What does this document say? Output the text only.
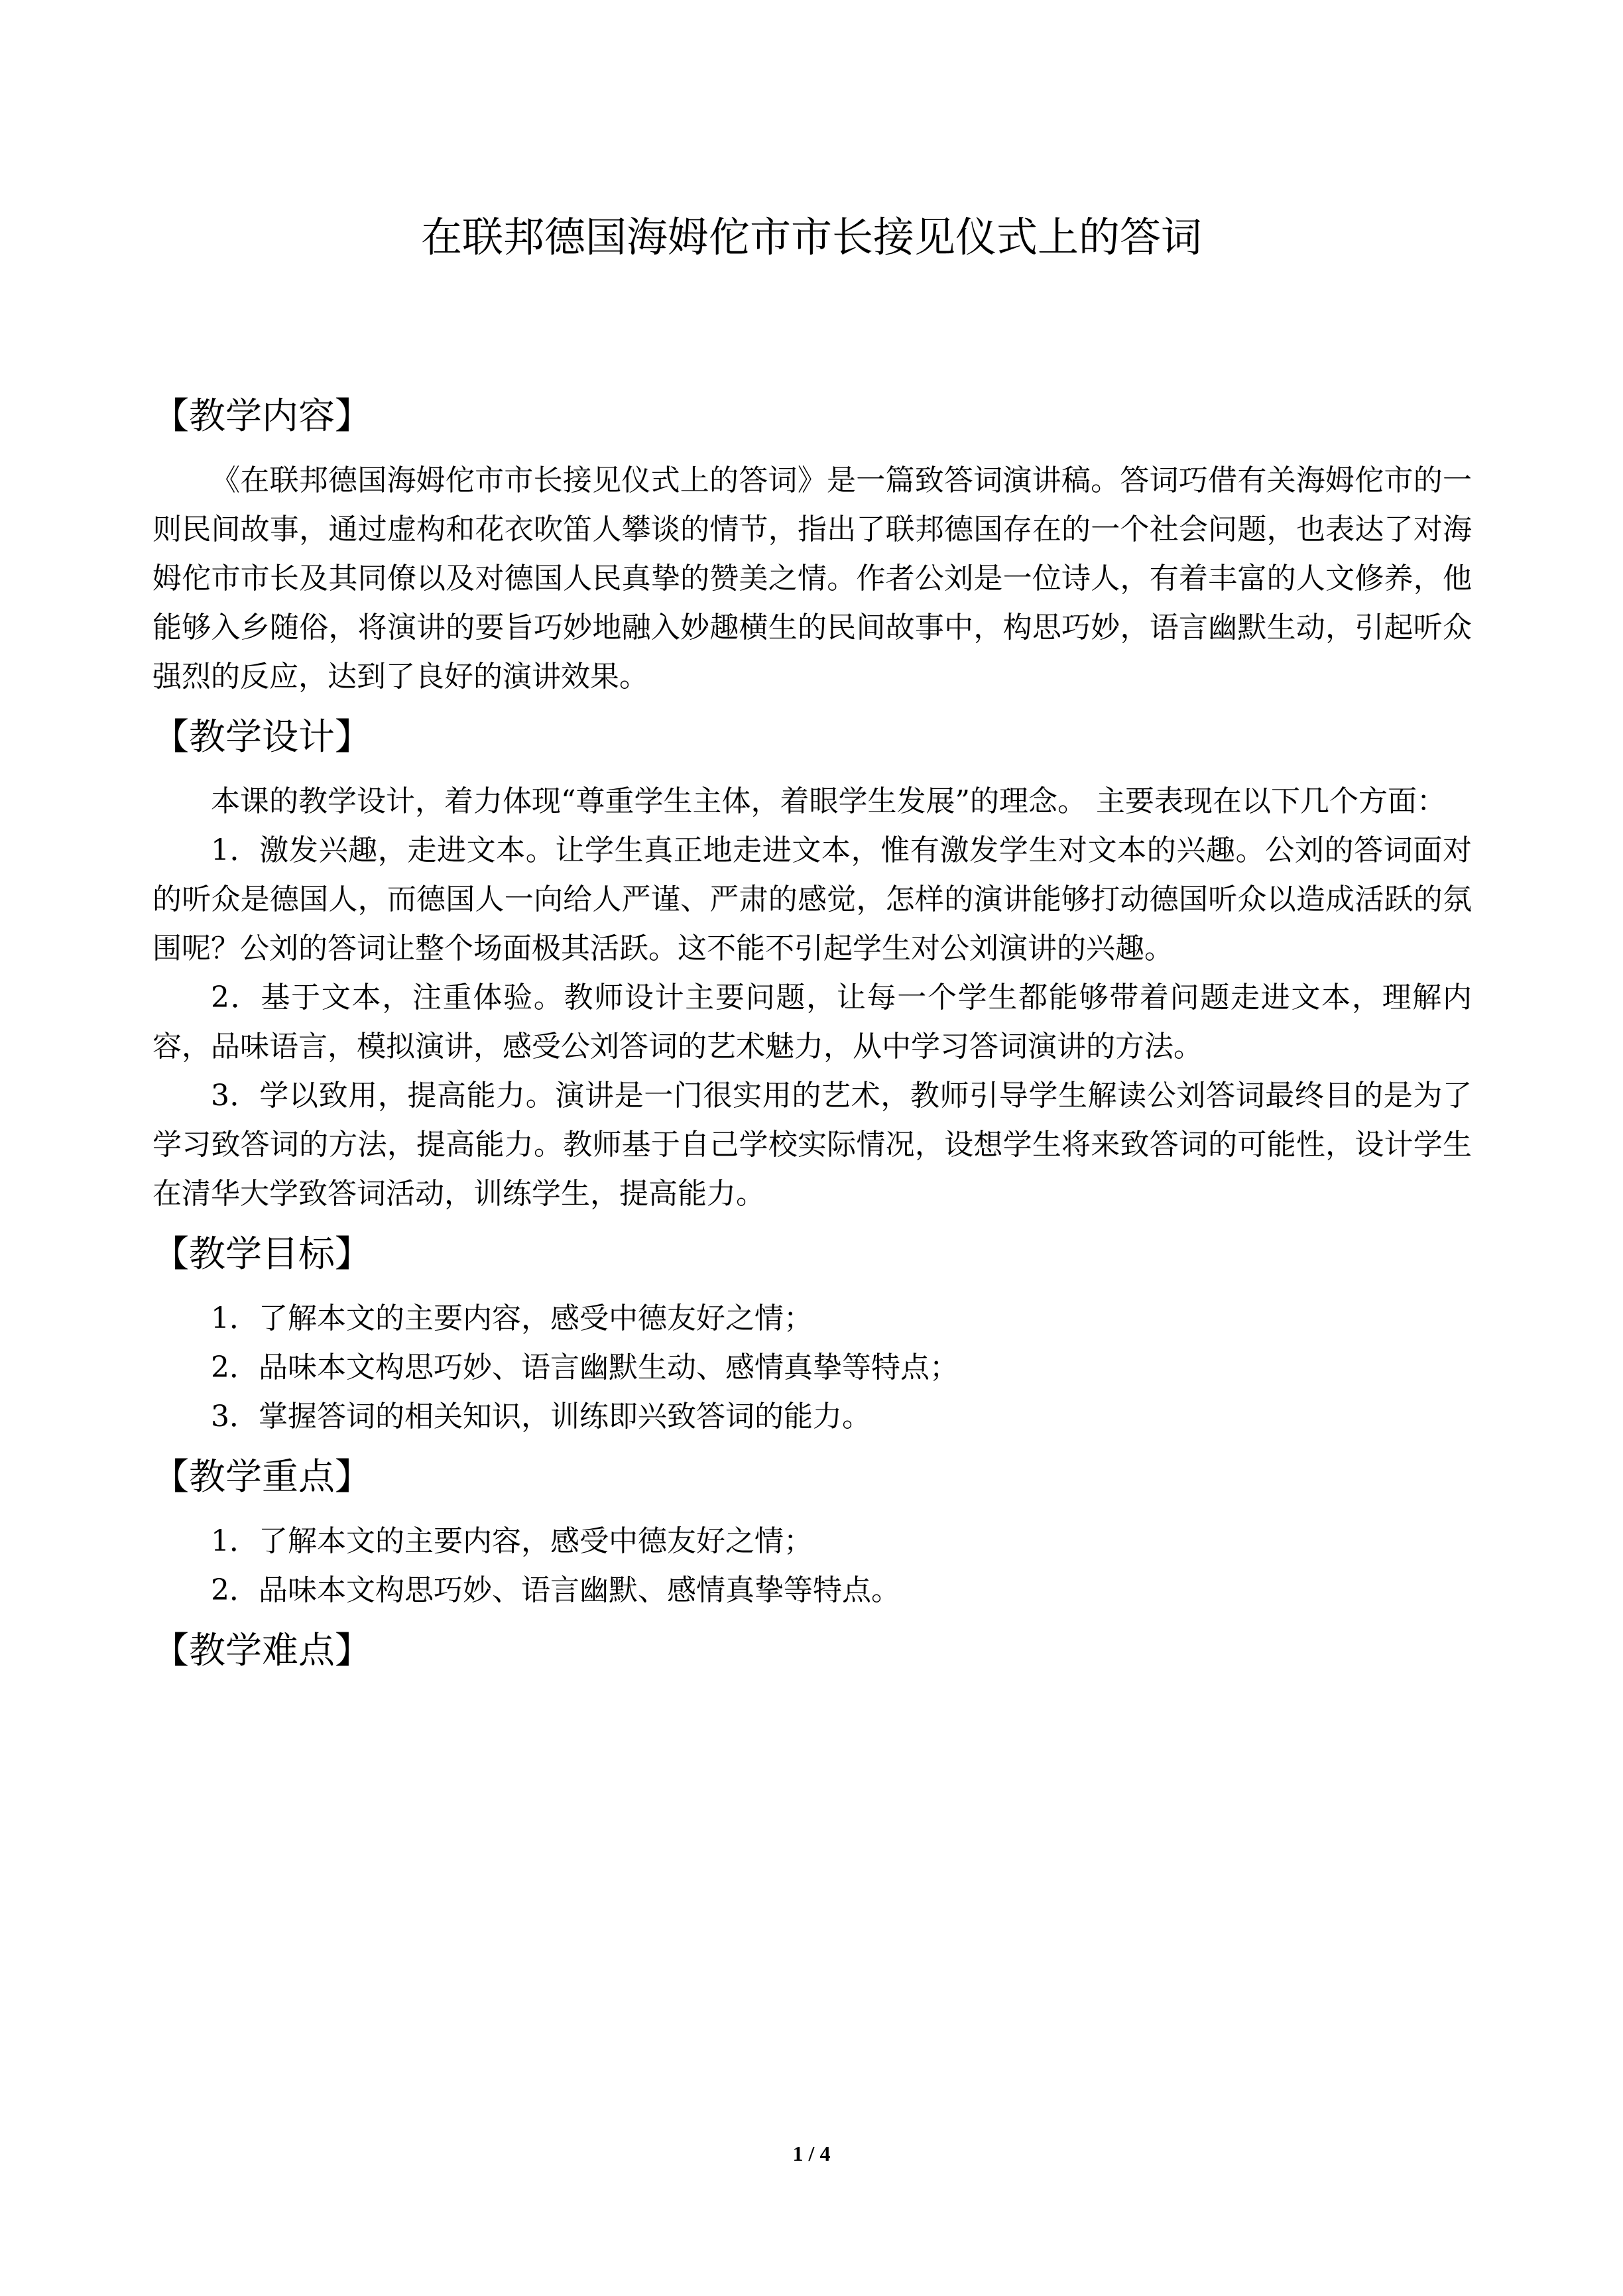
在联邦德国海姆佗市市长接见仪式上的答词
【教学内容】

《在联邦德国海姆佗市市长接见仪式上的答词》是一篇致答词演讲稿。答词巧借有关海姆佗市的一则民间故事，通过虚构和花衣吹笛人攀谈的情节，指出了联邦德国存在的一个社会问题，也表达了对海姆佗市市长及其同僚以及对德国人民真挚的赞美之情。作者公刘是一位诗人，有着丰富的人文修养，他能够入乡随俗，将演讲的要旨巧妙地融入妙趣横生的民间故事中，构思巧妙，语言幽默生动，引起听众强烈的反应，达到了良好的演讲效果。

【教学设计】

本课的教学设计，着力体现“尊重学生主体，着眼学生发展”的理念。 主要表现在以下几个方面：

1．激发兴趣，走进文本。让学生真正地走进文本，惟有激发学生对文本的兴趣。公刘的答词面对的听众是德国人，而德国人一向给人严谨、严肃的感觉，怎样的演讲能够打动德国听众以造成活跃的氛围呢？公刘的答词让整个场面极其活跃。这不能不引起学生对公刘演讲的兴趣。

2．基于文本，注重体验。教师设计主要问题，让每一个学生都能够带着问题走进文本，理解内容，品味语言，模拟演讲，感受公刘答词的艺术魅力，从中学习答词演讲的方法。

3．学以致用，提高能力。演讲是一门很实用的艺术，教师引导学生解读公刘答词最终目的是为了学习致答词的方法，提高能力。教师基于自己学校实际情况，设想学生将来致答词的可能性，设计学生在清华大学致答词活动，训练学生，提高能力。

【教学目标】

1．了解本文的主要内容，感受中德友好之情；

2．品味本文构思巧妙、语言幽默生动、感情真挚等特点；

3．掌握答词的相关知识，训练即兴致答词的能力。

【教学重点】

1．了解本文的主要内容，感受中德友好之情；

2．品味本文构思巧妙、语言幽默、感情真挚等特点。

【教学难点】
1 / 4
